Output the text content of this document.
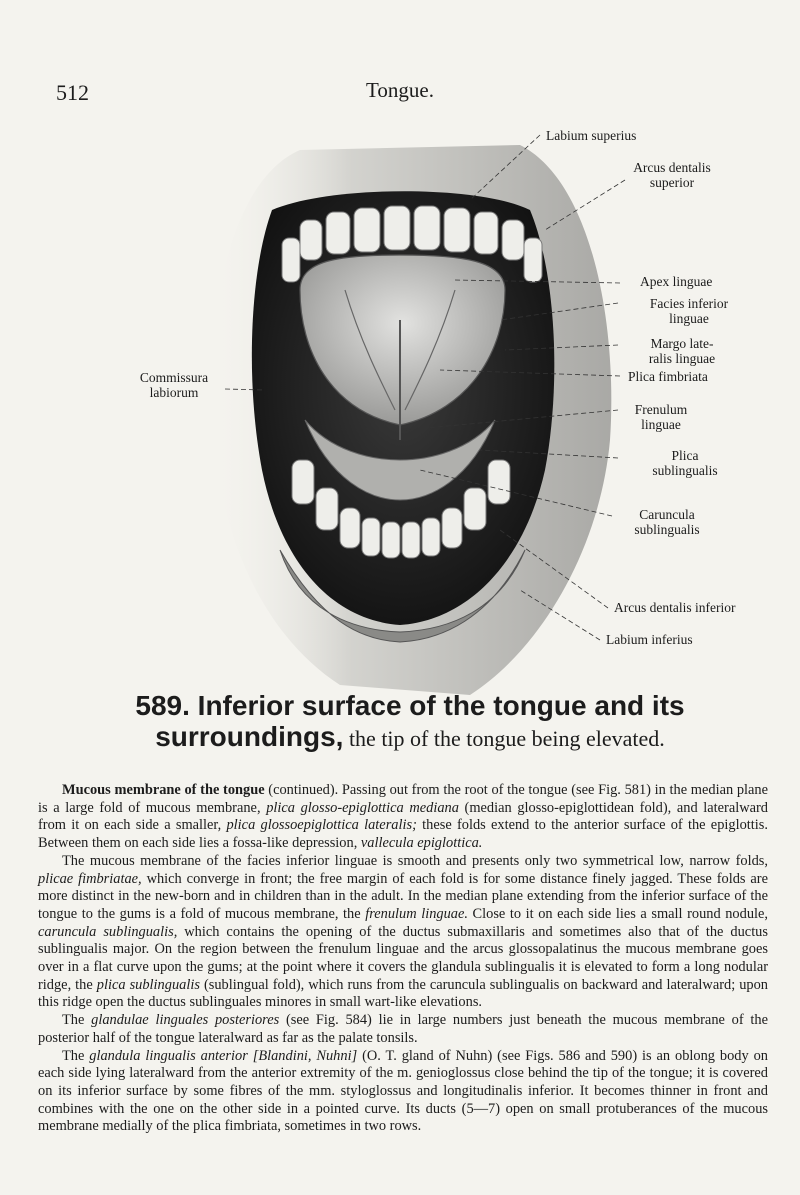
512	Tongue.
Labium superius
Arcus dentalis
superior
Apex linguae
Facies inferior
linguae
Margo late-
ralis linguae
Plica fimbriata
Commissura
labiorum
Frenulum
linguae
Plica
sublingualis
Caruncula
sublingualis
Arcus dentalis inferior
Labium inferius
589. Inferior surface of the tongue and its
surroundings, the tip of the tongue being elevated.

Mucous membrane of the tongue (continued). Passing out from the root of the tongue (see Fig. 581) in the median plane is a large fold of mucous membrane, plica glosso-epiglottica mediana (median glosso-epiglottidean fold), and lateralward from it on each side a smaller, plica glossoepiglottica lateralis; these folds extend to the anterior surface of the epiglottis. Between them on each side lies a fossa-like depression, vallecula epiglottica.

The mucous membrane of the facies inferior linguae is smooth and presents only two symmetrical low, narrow folds, plicae fimbriatae, which converge in front; the free margin of each fold is for some distance finely jagged. These folds are more distinct in the new-born and in children than in the adult. In the median plane extending from the inferior surface of the tongue to the gums is a fold of mucous membrane, the frenulum linguae. Close to it on each side lies a small round nodule, caruncula sublingualis, which contains the opening of the ductus submaxillaris and sometimes also that of the ductus sublingualis major. On the region between the frenulum linguae and the arcus glossopalatinus the mucous membrane goes over in a flat curve upon the gums; at the point where it covers the glandula sublingualis it is elevated to form a long nodular ridge, the plica sublingualis (sublingual fold), which runs from the caruncula sublingualis on backward and lateralward; upon this ridge open the ductus sublinguales minores in small wart-like elevations.

The glandulae linguales posteriores (see Fig. 584) lie in large numbers just beneath the mucous membrane of the posterior half of the tongue lateralward as far as the palate tonsils.

The glandula lingualis anterior [Blandini, Nuhni] (O. T. gland of Nuhn) (see Figs. 586 and 590) is an oblong body on each side lying lateralward from the anterior extremity of the m. genioglossus close behind the tip of the tongue; it is covered on its inferior surface by some fibres of the mm. styloglossus and longitudinalis inferior. It becomes thinner in front and combines with the one on the other side in a pointed curve. Its ducts (5—7) open on small protuberances of the mucous membrane medially of the plica fimbriata, sometimes in two rows.
